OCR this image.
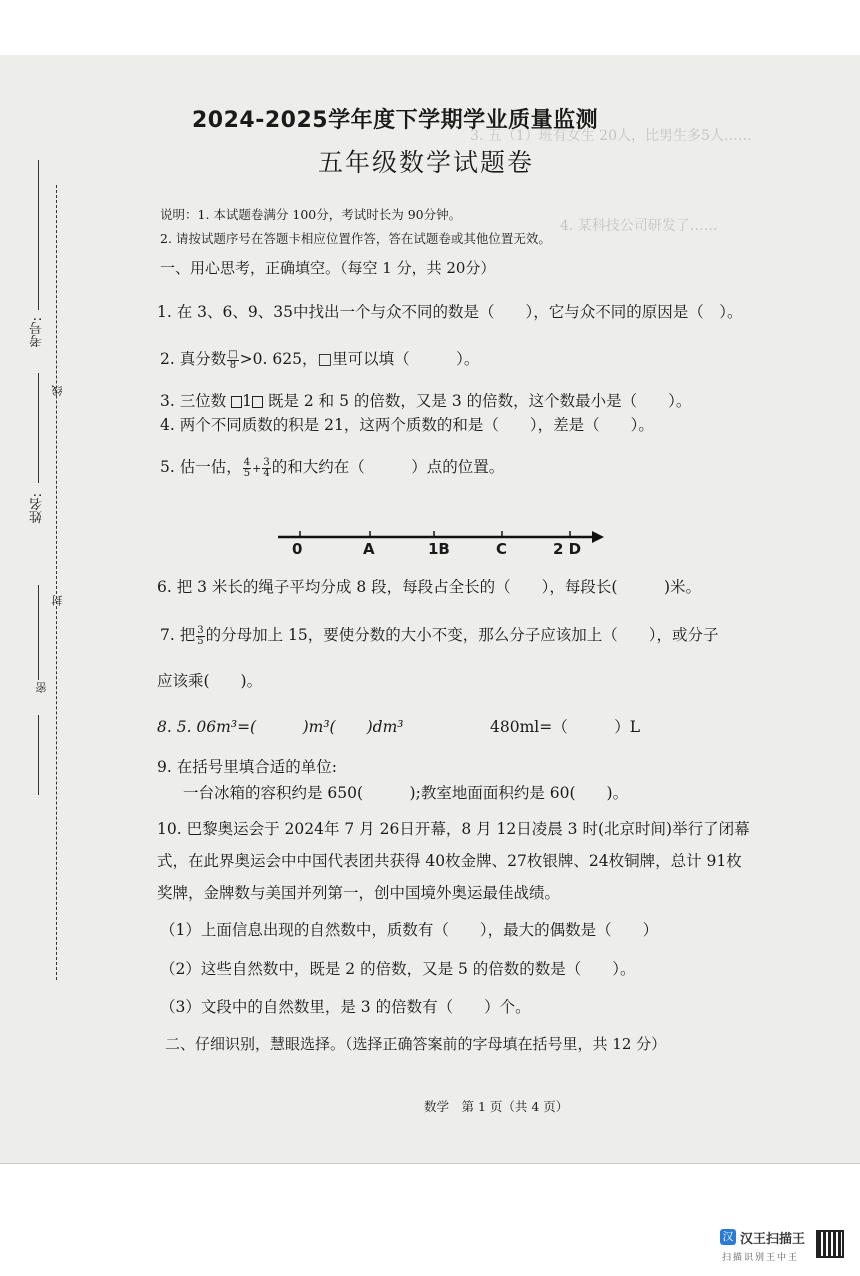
3. 五（1）班有女生 20人，比男生多5人……
4. 某科技公司研发了……
考号:
线
姓名:
封
密
2024-2025学年度下学期学业质量监测
五年级数学试题卷
说明：1. 本试题卷满分 100分，考试时长为 90分钟。
2. 请按试题序号在答题卡相应位置作答，答在试题卷或其他位置无效。
一、用心思考，正确填空。（每空 1 分，共 20分）
1. 在 3、6、9、35中找出一个与众不同的数是（　　），它与众不同的原因是（　）。
2. 真分数 $\frac{□}{8} >0$. 625，□里可以填（　　　）。
3. 三位数 1 既是 2 和 5 的倍数，又是 3 的倍数，这个数最小是（　　）。
4. 两个不同质数的积是 21，这两个质数的和是（　　），差是（　　）。
5. 估一估， $\frac{4}{5} + \frac{3}{4}$ 的和大约在（　　　）点的位置。
0	A	1B	C	2 D
6. 把 3 米长的绳子平均分成 8 段，每段占全长的（　　），每段长(　　　)米。
7. 把 $\frac{3}{5}$ 的分母加上 15，要使分数的大小不变，那么分子应该加上（　　），或分子
应该乘(　　)。
8. 5. 06m³=(　　　)m³(　　)dm³	480ml=（　　　）L
9. 在括号里填合适的单位:
一台冰箱的容积约是 650(　　　);教室地面面积约是 60(　　)。
10. 巴黎奥运会于 2024年 7 月 26日开幕，8 月 12日凌晨 3 时(北京时间)举行了闭幕
式，在此界奥运会中中国代表团共获得 40枚金牌、27枚银牌、24枚铜牌，总计 91枚
奖牌，金牌数与美国并列第一，创中国境外奥运最佳战绩。
（1）上面信息出现的自然数中，质数有（　　），最大的偶数是（　　）
（2）这些自然数中，既是 2 的倍数，又是 5 的倍数的数是（　　）。
（3）文段中的自然数里，是 3 的倍数有（　　）个。
二、仔细识别，慧眼选择。（选择正确答案前的字母填在括号里，共 12 分）
数学　第 1 页（共 4 页）
汉 汉王扫描王
扫描识别王中王
